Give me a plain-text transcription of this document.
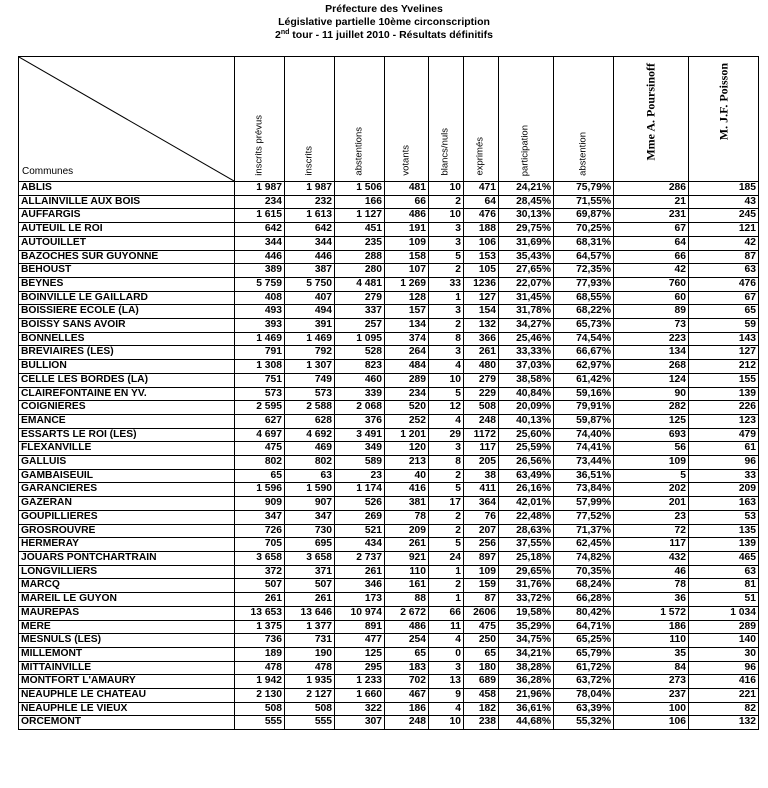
Préfecture des Yvelines
Législative partielle 10ème circonscription
2nd tour - 11 juillet 2010 - Résultats définitifs
Communes	inscrits prévus	inscrits	abstentions	votants	blancs/nuls	exprimés	participation	abstention	Mme A. Poursinoff	M. J.F. Poisson

ABLIS	1 987	1 987	1 506	481	10	471	24,21%	75,79%	286	185
ALLAINVILLE AUX BOIS	234	232	166	66	2	64	28,45%	71,55%	21	43
AUFFARGIS	1 615	1 613	1 127	486	10	476	30,13%	69,87%	231	245
AUTEUIL LE ROI	642	642	451	191	3	188	29,75%	70,25%	67	121
AUTOUILLET	344	344	235	109	3	106	31,69%	68,31%	64	42
BAZOCHES SUR GUYONNE	446	446	288	158	5	153	35,43%	64,57%	66	87
BEHOUST	389	387	280	107	2	105	27,65%	72,35%	42	63
BEYNES	5 759	5 750	4 481	1 269	33	1236	22,07%	77,93%	760	476
BOINVILLE LE GAILLARD	408	407	279	128	1	127	31,45%	68,55%	60	67
BOISSIERE ECOLE (LA)	493	494	337	157	3	154	31,78%	68,22%	89	65
BOISSY SANS AVOIR	393	391	257	134	2	132	34,27%	65,73%	73	59
BONNELLES	1 469	1 469	1 095	374	8	366	25,46%	74,54%	223	143
BREVIAIRES (LES)	791	792	528	264	3	261	33,33%	66,67%	134	127
BULLION	1 308	1 307	823	484	4	480	37,03%	62,97%	268	212
CELLE LES BORDES (LA)	751	749	460	289	10	279	38,58%	61,42%	124	155
CLAIREFONTAINE EN YV.	573	573	339	234	5	229	40,84%	59,16%	90	139
COIGNIERES	2 595	2 588	2 068	520	12	508	20,09%	79,91%	282	226
EMANCE	627	628	376	252	4	248	40,13%	59,87%	125	123
ESSARTS LE ROI (LES)	4 697	4 692	3 491	1 201	29	1172	25,60%	74,40%	693	479
FLEXANVILLE	475	469	349	120	3	117	25,59%	74,41%	56	61
GALLUIS	802	802	589	213	8	205	26,56%	73,44%	109	96
GAMBAISEUIL	65	63	23	40	2	38	63,49%	36,51%	5	33
GARANCIERES	1 596	1 590	1 174	416	5	411	26,16%	73,84%	202	209
GAZERAN	909	907	526	381	17	364	42,01%	57,99%	201	163
GOUPILLIERES	347	347	269	78	2	76	22,48%	77,52%	23	53
GROSROUVRE	726	730	521	209	2	207	28,63%	71,37%	72	135
HERMERAY	705	695	434	261	5	256	37,55%	62,45%	117	139
JOUARS PONTCHARTRAIN	3 658	3 658	2 737	921	24	897	25,18%	74,82%	432	465
LONGVILLIERS	372	371	261	110	1	109	29,65%	70,35%	46	63
MARCQ	507	507	346	161	2	159	31,76%	68,24%	78	81
MAREIL LE GUYON	261	261	173	88	1	87	33,72%	66,28%	36	51
MAUREPAS	13 653	13 646	10 974	2 672	66	2606	19,58%	80,42%	1 572	1 034
MERE	1 375	1 377	891	486	11	475	35,29%	64,71%	186	289
MESNULS (LES)	736	731	477	254	4	250	34,75%	65,25%	110	140
MILLEMONT	189	190	125	65	0	65	34,21%	65,79%	35	30
MITTAINVILLE	478	478	295	183	3	180	38,28%	61,72%	84	96
MONTFORT L'AMAURY	1 942	1 935	1 233	702	13	689	36,28%	63,72%	273	416
NEAUPHLE LE CHATEAU	2 130	2 127	1 660	467	9	458	21,96%	78,04%	237	221
NEAUPHLE LE VIEUX	508	508	322	186	4	182	36,61%	63,39%	100	82
ORCEMONT	555	555	307	248	10	238	44,68%	55,32%	106	132
